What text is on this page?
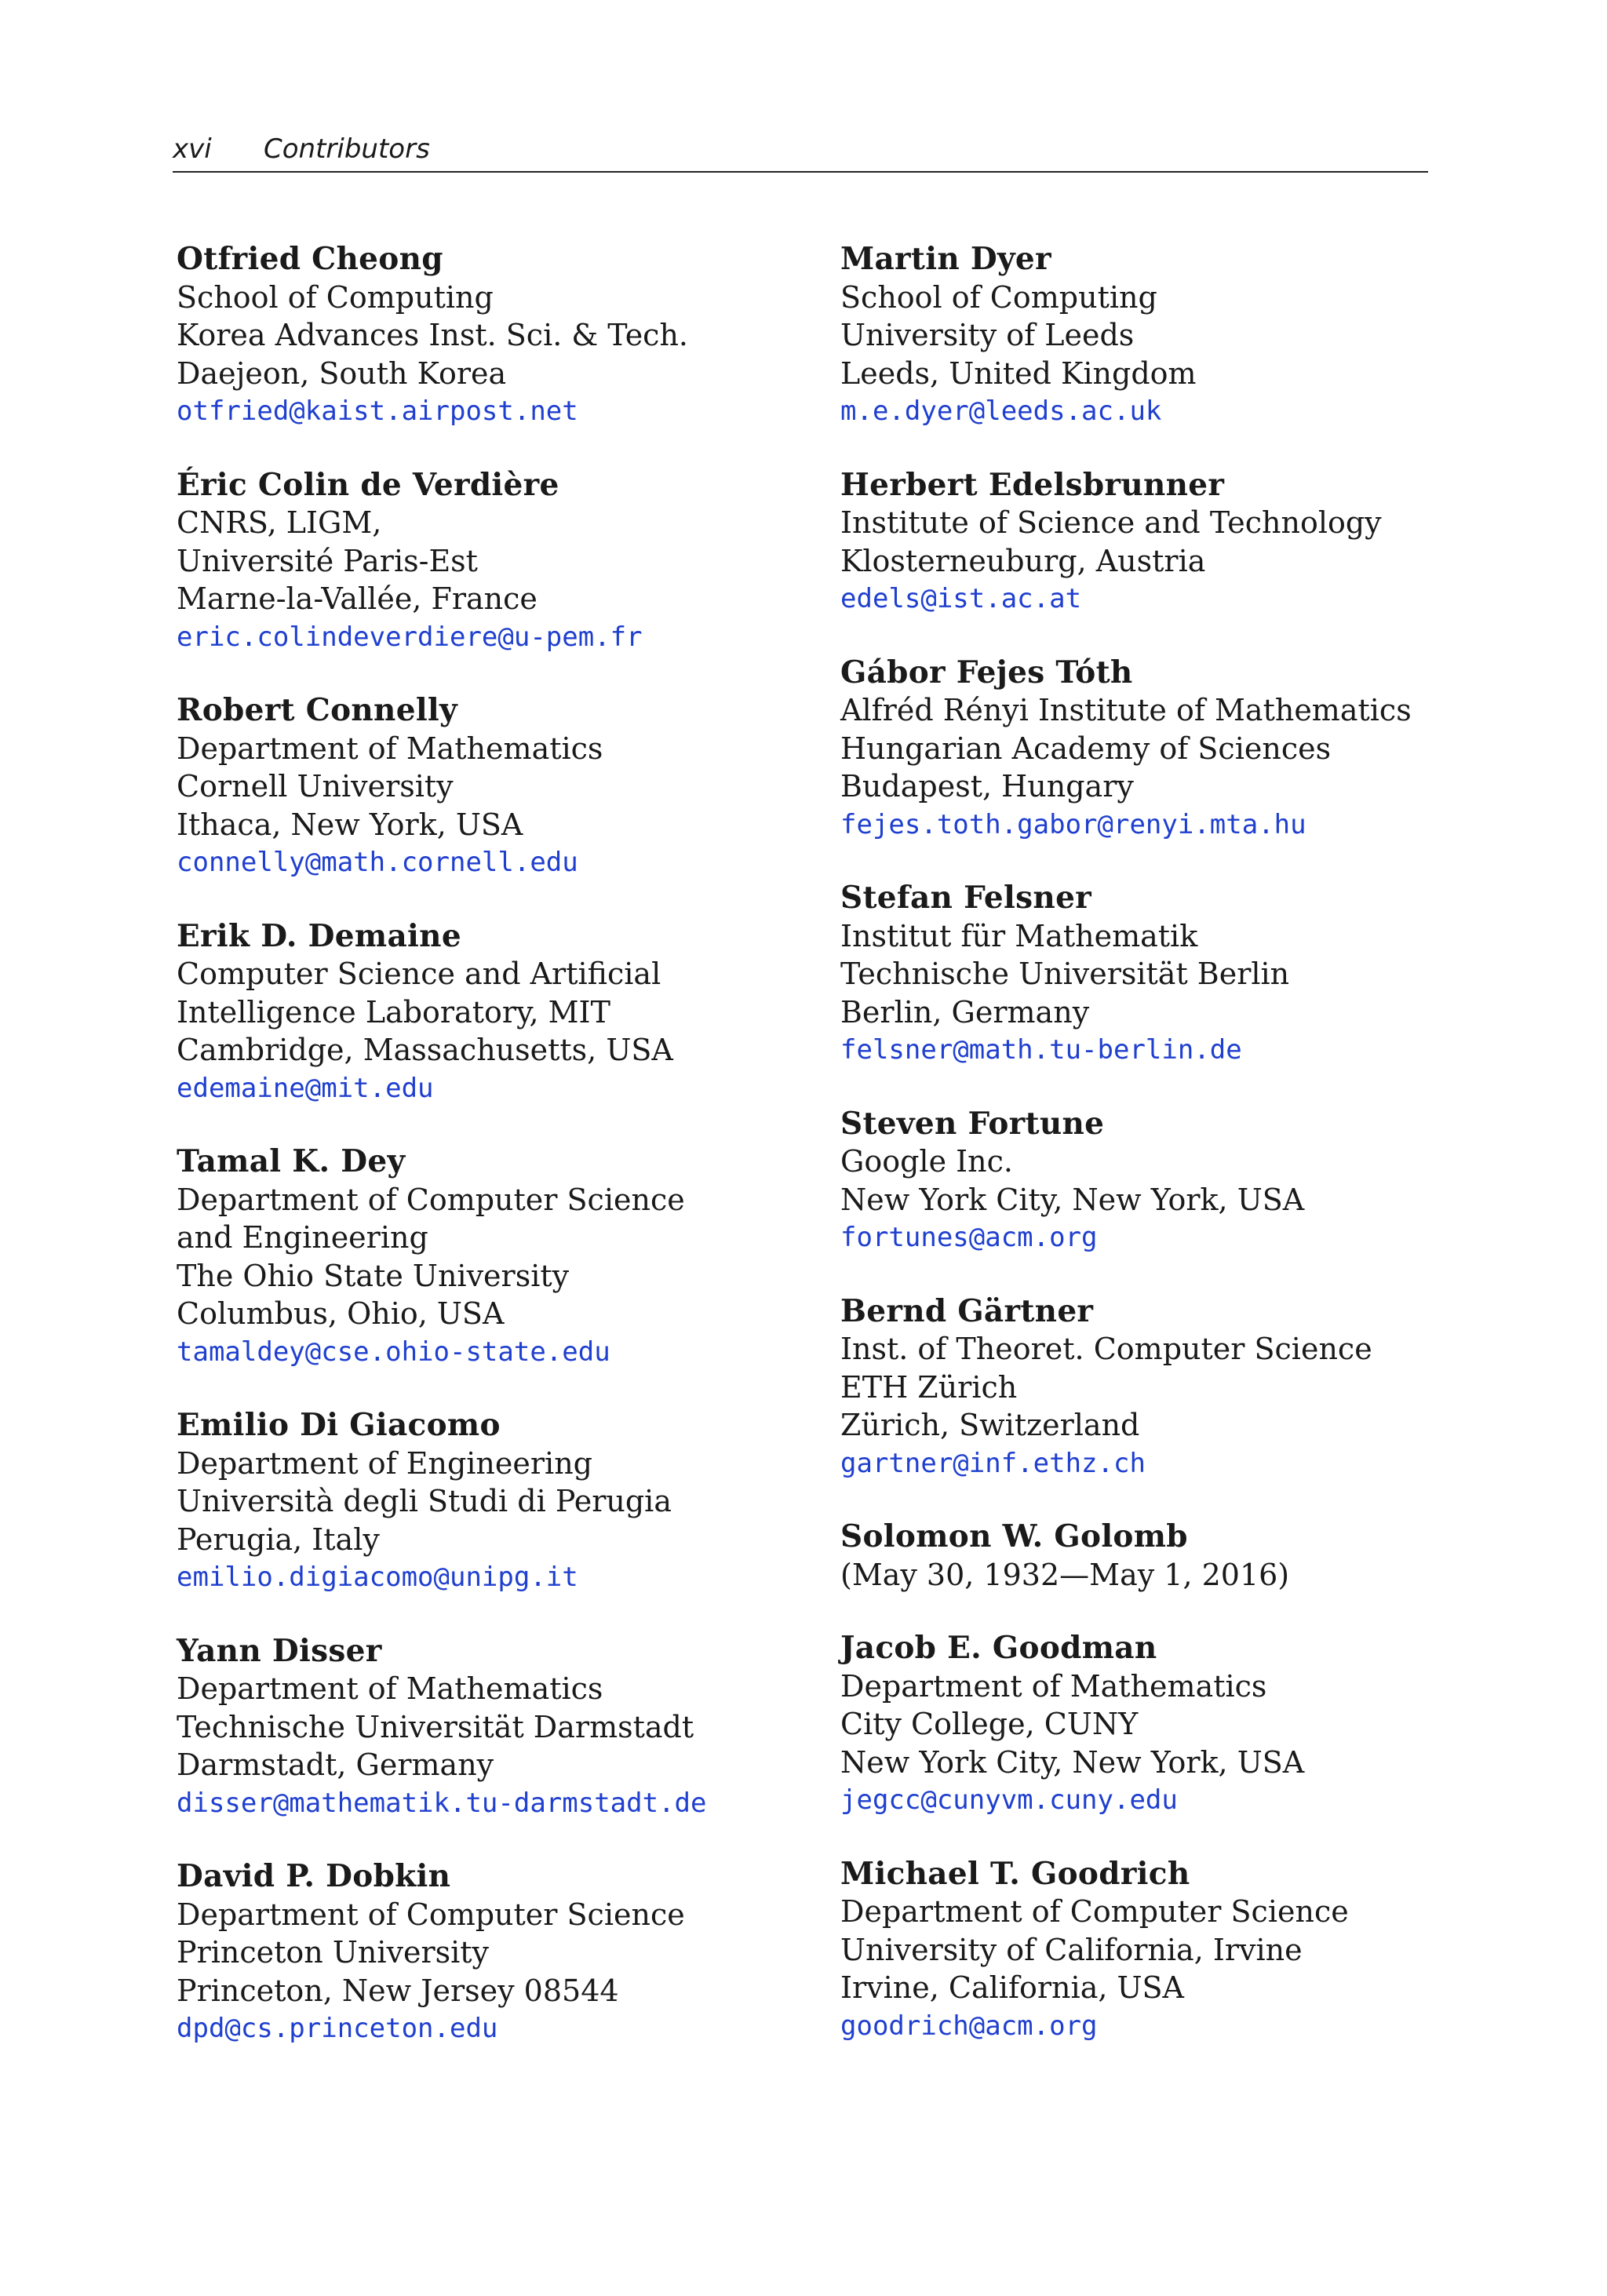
xvi Contributors
Otfried Cheong
School of Computing
Korea Advances Inst. Sci. & Tech.
Daejeon, South Korea
otfried@kaist.airpost.net
Éric Colin de Verdière
CNRS, LIGM,
Université Paris-Est
Marne-la-Vallée, France
eric.colindeverdiere@u-pem.fr
Robert Connelly
Department of Mathematics
Cornell University
Ithaca, New York, USA
connelly@math.cornell.edu
Erik D. Demaine
Computer Science and Artificial
Intelligence Laboratory, MIT
Cambridge, Massachusetts, USA
edemaine@mit.edu
Tamal K. Dey
Department of Computer Science
and Engineering
The Ohio State University
Columbus, Ohio, USA
tamaldey@cse.ohio-state.edu
Emilio Di Giacomo
Department of Engineering
Università degli Studi di Perugia
Perugia, Italy
emilio.digiacomo@unipg.it
Yann Disser
Department of Mathematics
Technische Universität Darmstadt
Darmstadt, Germany
disser@mathematik.tu-darmstadt.de
David P. Dobkin
Department of Computer Science
Princeton University
Princeton, New Jersey 08544
dpd@cs.princeton.edu
Martin Dyer
School of Computing
University of Leeds
Leeds, United Kingdom
m.e.dyer@leeds.ac.uk
Herbert Edelsbrunner
Institute of Science and Technology
Klosterneuburg, Austria
edels@ist.ac.at
Gábor Fejes Tóth
Alfréd Rényi Institute of Mathematics
Hungarian Academy of Sciences
Budapest, Hungary
fejes.toth.gabor@renyi.mta.hu
Stefan Felsner
Institut für Mathematik
Technische Universität Berlin
Berlin, Germany
felsner@math.tu-berlin.de
Steven Fortune
Google Inc.
New York City, New York, USA
fortunes@acm.org
Bernd Gärtner
Inst. of Theoret. Computer Science
ETH Zürich
Zürich, Switzerland
gartner@inf.ethz.ch
Solomon W. Golomb
(May 30, 1932—May 1, 2016)
Jacob E. Goodman
Department of Mathematics
City College, CUNY
New York City, New York, USA
jegcc@cunyvm.cuny.edu
Michael T. Goodrich
Department of Computer Science
University of California, Irvine
Irvine, California, USA
goodrich@acm.org
